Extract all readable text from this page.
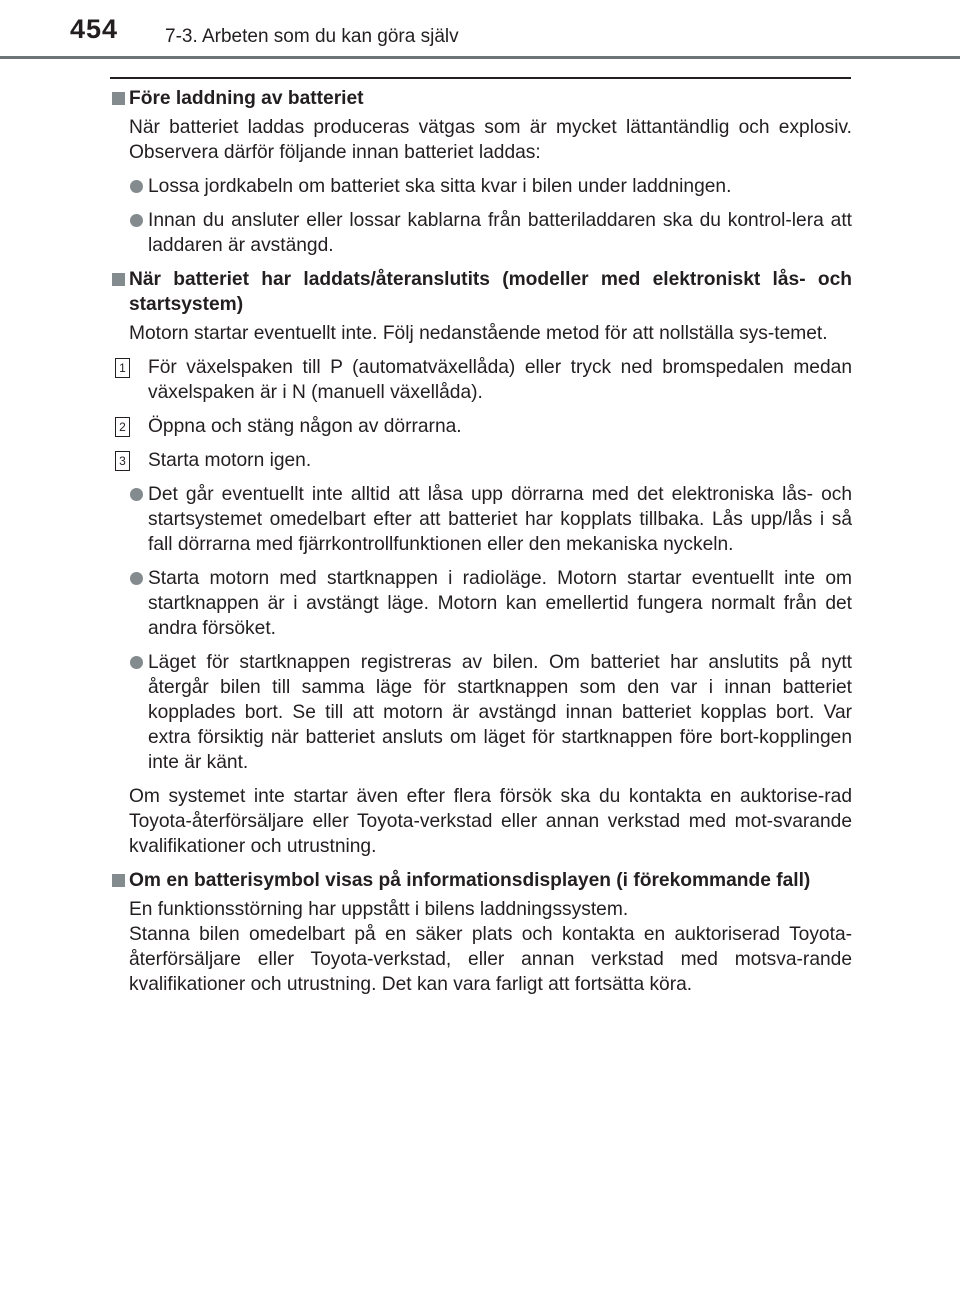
454 7-3. Arbeten som du kan göra själv
Före laddning av batteriet
När batteriet laddas produceras vätgas som är mycket lättantändlig och explosiv. Observera därför följande innan batteriet laddas:
Lossa jordkabeln om batteriet ska sitta kvar i bilen under laddningen.
Innan du ansluter eller lossar kablarna från batteriladdaren ska du kontrol-lera att laddaren är avstängd.
När batteriet har laddats/återanslutits (modeller med elektroniskt lås- och startsystem)
Motorn startar eventuellt inte. Följ nedanstående metod för att nollställa sys-temet.
1 För växelspaken till P (automatväxellåda) eller tryck ned bromspedalen medan växelspaken är i N (manuell växellåda).
2 Öppna och stäng någon av dörrarna.
3 Starta motorn igen.
Det går eventuellt inte alltid att låsa upp dörrarna med det elektroniska lås- och startsystemet omedelbart efter att batteriet har kopplats tillbaka. Lås upp/lås i så fall dörrarna med fjärrkontrollfunktionen eller den mekaniska nyckeln.
Starta motorn med startknappen i radioläge. Motorn startar eventuellt inte om startknappen är i avstängt läge. Motorn kan emellertid fungera normalt från det andra försöket.
Läget för startknappen registreras av bilen. Om batteriet har anslutits på nytt återgår bilen till samma läge för startknappen som den var i innan batteriet kopplades bort. Se till att motorn är avstängd innan batteriet kopplas bort. Var extra försiktig när batteriet ansluts om läget för startknappen före bort-kopplingen inte är känt.
Om systemet inte startar även efter flera försök ska du kontakta en auktorise-rad Toyota-återförsäljare eller Toyota-verkstad eller annan verkstad med mot-svarande kvalifikationer och utrustning.
Om en batterisymbol visas på informationsdisplayen (i förekommande fall)
En funktionsstörning har uppstått i bilens laddningssystem.
Stanna bilen omedelbart på en säker plats och kontakta en auktoriserad Toyota-återförsäljare eller Toyota-verkstad, eller annan verkstad med motsva-rande kvalifikationer och utrustning. Det kan vara farligt att fortsätta köra.
